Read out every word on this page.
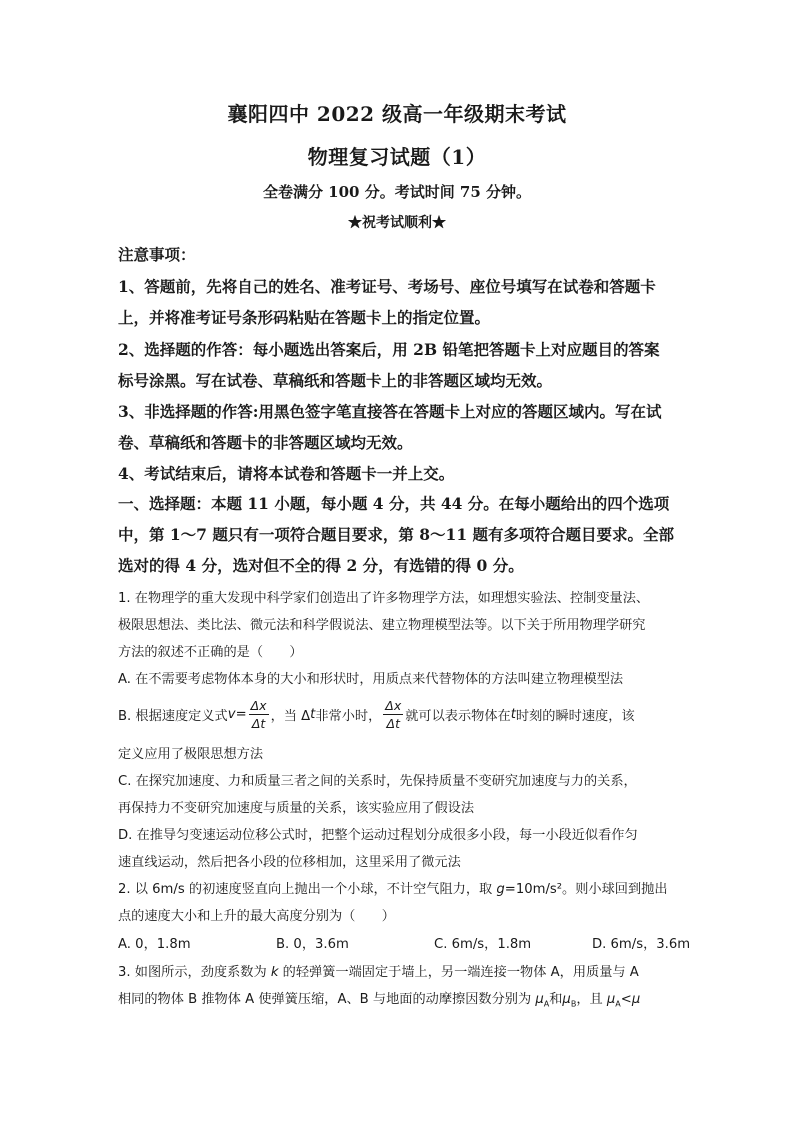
襄阳四中 2022 级高一年级期末考试
物理复习试题（1）
全卷满分 100 分。考试时间 75 分钟。
★祝考试顺利★
注意事项：
1、答题前，先将自己的姓名、准考证号、考场号、座位号填写在试卷和答题卡
上，并将准考证号条形码粘贴在答题卡上的指定位置。
2、选择题的作答：每小题选出答案后，用 2B 铅笔把答题卡上对应题目的答案
标号涂黑。写在试卷、草稿纸和答题卡上的非答题区域均无效。
3、非选择题的作答:用黑色签字笔直接答在答题卡上对应的答题区域内。写在试
卷、草稿纸和答题卡的非答题区域均无效。
4、考试结束后，请将本试卷和答题卡一并上交。
一、选择题：本题 11 小题，每小题 4 分，共 44 分。在每小题给出的四个选项
中，第 1～7 题只有一项符合题目要求，第 8～11 题有多项符合题目要求。全部
选对的得 4 分，选对但不全的得 2 分，有选错的得 0 分。
1. 在物理学的重大发现中科学家们创造出了许多物理学方法，如理想实验法、控制变量法、
极限思想法、类比法、微元法和科学假说法、建立物理模型法等。以下关于所用物理学研究
方法的叙述不正确的是（　　）
A. 在不需要考虑物体本身的大小和形状时，用质点来代替物体的方法叫建立物理模型法
B. 根据速度定义式 $v = \frac{\Delta x}{\Delta t}$ ，当 Δ t 非常小时， $\frac{\Delta x}{\Delta t}$ 就可以表示物体在 t 时刻的瞬时速度，该
定义应用了极限思想方法
C. 在探究加速度、力和质量三者之间的关系时，先保持质量不变研究加速度与力的关系，
再保持力不变研究加速度与质量的关系，该实验应用了假设法
D. 在推导匀变速运动位移公式时，把整个运动过程划分成很多小段，每一小段近似看作匀
速直线运动，然后把各小段的位移相加，这里采用了微元法
2. 以 6m/s 的初速度竖直向上抛出一个小球，不计空气阻力，取 g=10m/s²。则小球回到抛出
点的速度大小和上升的最大高度分别为（　　）
A. 0，1.8m	B. 0，3.6m	C. 6m/s，1.8m	D. 6m/s，3.6m
3. 如图所示，劲度系数为 k 的轻弹簧一端固定于墙上，另一端连接一物体 A，用质量与 A
相同的物体 B 推物体 A 使弹簧压缩，A、B 与地面的动摩擦因数分别为 $\mu_A$和$\mu_B$，且 $\mu_A<\mu$
